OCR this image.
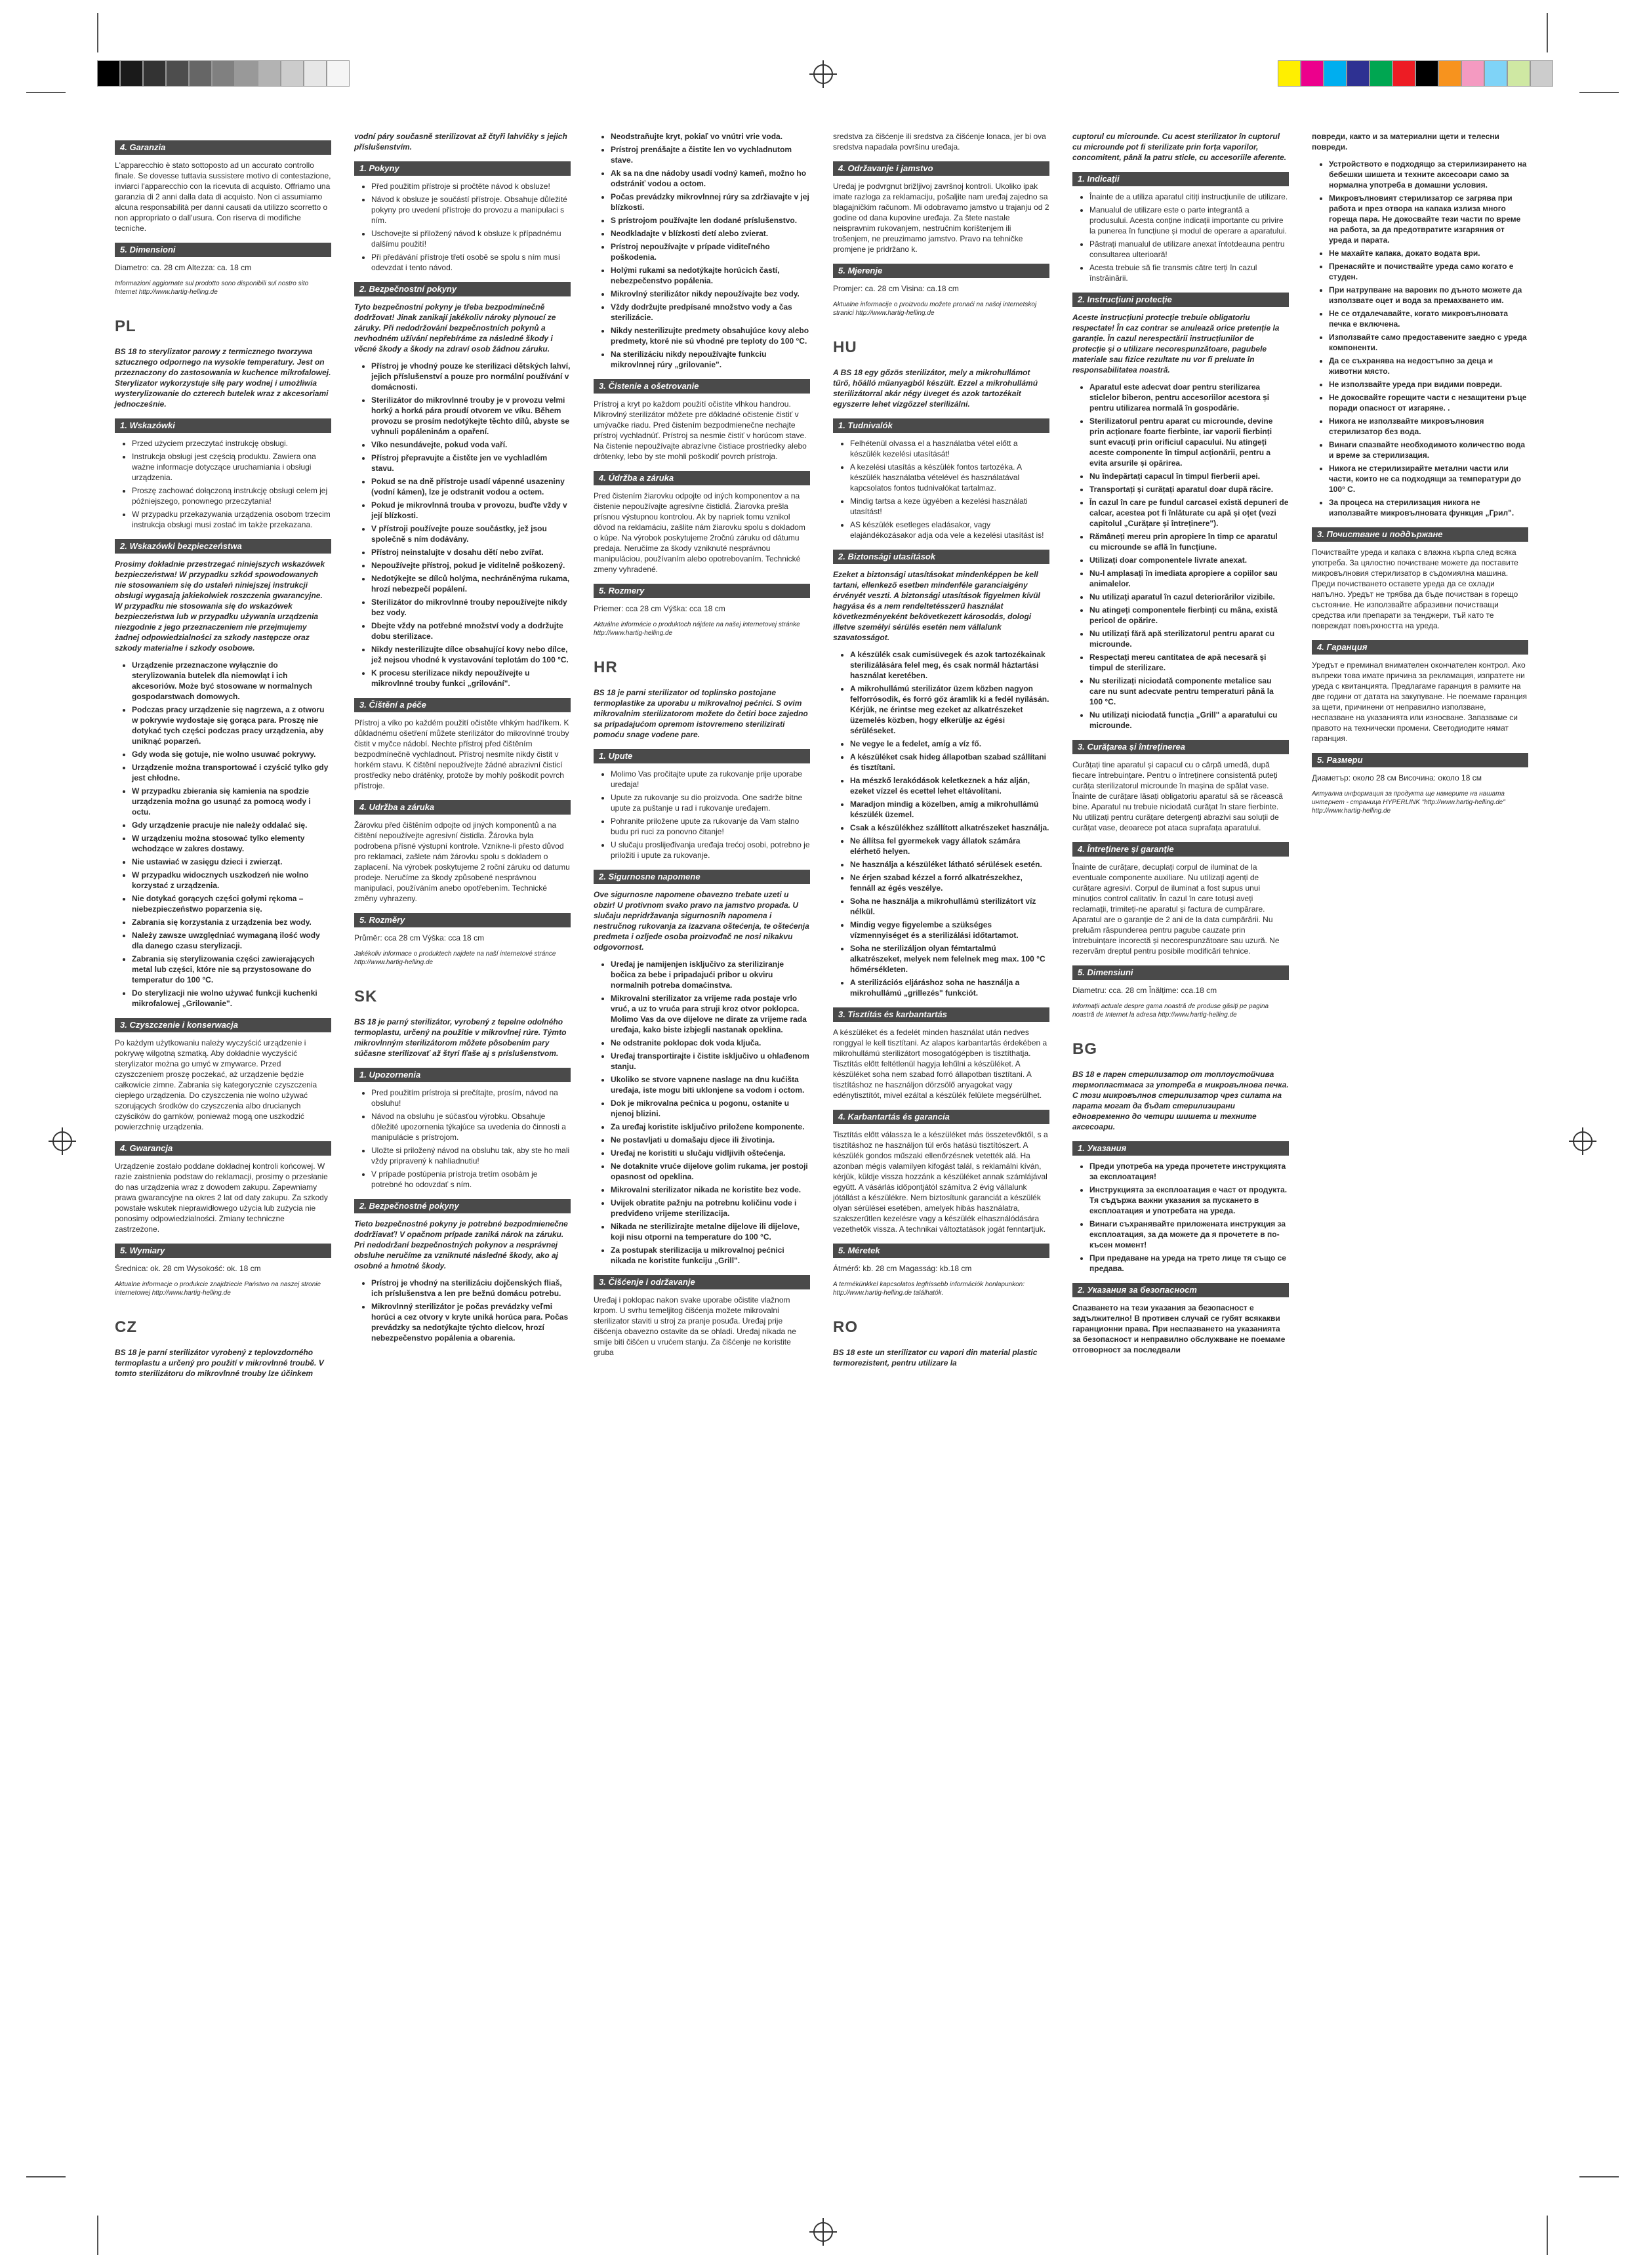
4. Garanzia
L'apparecchio è stato sottoposto ad un accurato controllo finale. Se dovesse tuttavia sussistere motivo di contestazione, inviarci l'apparecchio con la ricevuta di acquisto. Offriamo una garanzia di 2 anni dalla data di acquisto. Non ci assumiamo alcuna responsabilità per danni causati da utilizzo scorretto o non appropriato o dall'usura. Con riserva di modifiche tecniche.
5. Dimensioni
Diametro: ca. 28 cm Altezza: ca. 18 cm
Informazioni aggiornate sul prodotto sono disponibili sul nostro sito Internet http://www.hartig-helling.de
PL
BS 18 to sterylizator parowy z termicznego tworzywa sztucznego odpornego na wysokie temperatury. Jest on przeznaczony do zastosowania w kuchence mikrofalowej. Sterylizator wykorzystuje siłę pary wodnej i umożliwia wysterylizowanie do czterech butelek wraz z akcesoriami jednocześnie.
1. Wskazówki
• Przed użyciem przeczytać instrukcję obsługi.
• Instrukcja obsługi jest częścią produktu. Zawiera ona ważne informacje dotyczące uruchamiania i obsługi urządzenia.
• Proszę zachować dołączoną instrukcję obsługi celem jej późniejszego, ponownego przeczytania!
• W przypadku przekazywania urządzenia osobom trzecim instrukcja obsługi musi zostać im także przekazana.
2. Wskazówki bezpieczeństwa
Prosimy dokładnie przestrzegać niniejszych wskazówek bezpieczeństwa! W przypadku szkód spowodowanych nie stosowaniem się do ustaleń niniejszej instrukcji obsługi wygasają jakiekolwiek roszczenia gwarancyjne. W przypadku nie stosowania się do wskazówek bezpieczeństwa lub w przypadku używania urządzenia niezgodnie z jego przeznaczeniem nie przejmujemy żadnej odpowiedzialności za szkody następcze oraz szkody materialne i szkody osobowe.
• Urządzenie przeznaczone wyłącznie do sterylizowania butelek dla niemowląt i ich akcesoriów. Może być stosowane w normalnych gospodarstwach domowych.
• Podczas pracy urządzenie się nagrzewa, a z otworu w pokrywie wydostaje się gorąca para. Proszę nie dotykać tych części podczas pracy urządzenia, aby uniknąć poparzeń.
• Gdy woda się gotuje, nie wolno usuwać pokrywy.
• Urządzenie można transportować i czyścić tylko gdy jest chłodne.
• W przypadku zbierania się kamienia na spodzie urządzenia można go usunąć za pomocą wody i octu.
• Gdy urządzenie pracuje nie należy oddalać się.
• W urządzeniu można stosować tylko elementy wchodzące w zakres dostawy.
• Nie ustawiać w zasięgu dzieci i zwierząt.
• W przypadku widocznych uszkodzeń nie wolno korzystać z urządzenia.
• Nie dotykać gorących części gołymi rękoma – niebezpieczeństwo poparzenia się.
• Zabrania się korzystania z urządzenia bez wody.
• Należy zawsze uwzględniać wymaganą ilość wody dla danego czasu sterylizacji.
• Zabrania się sterylizowania części zawierających metal lub części, które nie są przystosowane do temperatur do 100 °C.
• Do sterylizacji nie wolno używać funkcji kuchenki mikrofalowej „Grilowanie".
3. Czyszczenie i konserwacja
Po każdym użytkowaniu należy wyczyścić urządzenie i pokrywę wilgotną szmatką. Aby dokładnie wyczyścić sterylizator można go umyć w zmywarce. Przed czyszczeniem proszę poczekać, aż urządzenie będzie całkowicie zimne. Zabrania się kategorycznie czyszczenia ciepłego urządzenia. Do czyszczenia nie wolno używać szorujących środków do czyszczenia albo drucianych czyścików do garnków, ponieważ mogą one uszkodzić powierzchnię urządzenia.
4. Gwarancja
Urządzenie zostało poddane dokładnej kontroli końcowej. W razie zaistnienia podstaw do reklamacji, prosimy o przesłanie do nas urządzenia wraz z dowodem zakupu. Zapewniamy prawa gwarancyjne na okres 2 lat od daty zakupu. Za szkody powstałe wskutek nieprawidłowego użycia lub zużycia nie ponosimy odpowiedzialności. Zmiany techniczne zastrzeżone.
5. Wymiary
Średnica: ok. 28 cm Wysokość: ok. 18 cm
Aktualne informacje o produkcie znajdziecie Państwo na naszej stronie internetowej http://www.hartig-helling.de
CZ
BS 18 je parní sterilizátor vyrobený z teplovzdorného termoplastu a určený pro použití v mikrovlnné troubě. V tomto sterilizátoru do mikrovlnné trouby lze účinkem
vodní páry současně sterilizovat až čtyři lahvičky s jejich příslušenstvím.
1. Pokyny
• Před použitím přístroje si pročtěte návod k obsluze!
• Návod k obsluze je součástí přístroje. Obsahuje důležité pokyny pro uvedení přístroje do provozu a manipulaci s ním.
• Uschovejte si přiložený návod k obsluze k případnému dalšímu použití!
• Při předávání přístroje třetí osobě se spolu s ním musí odevzdat i tento návod.
2. Bezpečnostní pokyny
Tyto bezpečnostní pokyny je třeba bezpodmínečně dodržovat! Jinak zanikají jakékoliv nároky plynoucí ze záruky. Při nedodržování bezpečnostních pokynů a nevhodném užívání nepřebíráme za následné škody i věcné škody a škody na zdraví osob žádnou záruku.
• Přístroj je vhodný pouze ke sterilizaci dětských lahví, jejich příslušenství a pouze pro normální používání v domácnosti.
• Sterilizátor do mikrovlnné trouby je v provozu velmi horký a horká pára proudí otvorem ve víku. Během provozu se prosím nedotýkejte těchto dílů, abyste se vyhnuli popáleninám a opaření.
• Víko nesundávejte, pokud voda vaří.
• Přístroj přepravujte a čistěte jen ve vychladlém stavu.
• Pokud se na dně přístroje usadí vápenné usazeniny (vodní kámen), lze je odstranit vodou a octem.
• Pokud je mikrovlnná trouba v provozu, buďte vždy v její blízkosti.
• V přístroji používejte pouze součástky, jež jsou společně s ním dodávány.
• Přístroj neinstalujte v dosahu dětí nebo zvířat.
• Nepoužívejte přístroj, pokud je viditelně poškozený.
• Nedotýkejte se dílců holýma, nechráněnýma rukama, hrozí nebezpečí popálení.
• Sterilizátor do mikrovlnné trouby nepoužívejte nikdy bez vody.
• Dbejte vždy na potřebné množství vody a dodržujte dobu sterilizace.
• Nikdy nesterilizujte dílce obsahující kovy nebo dílce, jež nejsou vhodné k vystavování teplotám do 100 °C.
• K procesu sterilizace nikdy nepoužívejte u mikrovlnné trouby funkci „grilování".
3. Čištění a péče
Přístroj a víko po každém použití očistěte vlhkým hadříkem. K důkladnému ošetření můžete sterilizátor do mikrovlnné trouby čistit v myčce nádobí. Nechte přístroj před čištěním bezpodmínečně vychladnout. Přístroj nesmíte nikdy čistit v horkém stavu. K čištění nepoužívejte žádné abrazivní čisticí prostředky nebo drátěnky, protože by mohly poškodit povrch přístroje.
4. Udržba a záruka
Žárovku před čištěním odpojte od jiných komponentů a na čištění nepoužívejte agresivní čistidla. Žárovka byla podrobena přísné výstupní kontrole. Vznikne-li přesto důvod pro reklamaci, zašlete nám žárovku spolu s dokladem o zaplacení. Na výrobek poskytujeme 2 roční záruku od datumu prodeje. Neručíme za škody způsobené nesprávnou manipulací, používáním anebo opotřebením. Technické změny vyhrazeny.
5. Rozměry
Průměr: cca 28 cm Výška: cca 18 cm
Jakékoliv informace o produktech najdete na naší internetové stránce http://www.hartig-helling.de
SK
BS 18 je parný sterilizátor, vyrobený z tepelne odolného termoplastu, určený na použitie v mikrovlnej rúre. Týmto mikrovlnným sterilizátorom môžete pôsobením pary súčasne sterilizovať až štyri fľaše aj s príslušenstvom.
1. Upozornenia
• Pred použitím prístroja si prečítajte, prosím, návod na obsluhu!
• Návod na obsluhu je súčasťou výrobku. Obsahuje dôležité upozornenia týkajúce sa uvedenia do činnosti a manipulácie s prístrojom.
• Uložte si priložený návod na obsluhu tak, aby ste ho mali vždy pripravený k nahliadnutiu!
• V prípade postúpenia prístroja tretím osobám je potrebné ho odovzdať s ním.
2. Bezpečnostné pokyny
Tieto bezpečnostné pokyny je potrebné bezpodmienečne dodržiavať! V opačnom prípade zaniká nárok na záruku. Pri nedodržaní bezpečnostných pokynov a nesprávnej obsluhe neručíme za vzniknuté následné škody, ako aj osobné a hmotné škody.
• Prístroj je vhodný na sterilizáciu dojčenských fliaš, ich príslušenstva a len pre bežnú domácu potrebu.
• Mikrovlnný sterilizátor je počas prevádzky veľmi horúci a cez otvory v kryte uniká horúca para. Počas prevádzky sa nedotýkajte týchto dielcov, hrozí nebezpečenstvo popálenia a obarenia.
• Neodstraňujte kryt, pokiaľ vo vnútri vrie voda.
• Prístroj prenášajte a čistite len vo vychladnutom stave.
• Ak sa na dne nádoby usadí vodný kameň, možno ho odstrániť vodou a octom.
• Počas prevádzky mikrovlnnej rúry sa zdržiavajte v jej blízkosti.
• S prístrojom používajte len dodané príslušenstvo.
• Neodkladajte v blízkosti detí alebo zvierat.
• Prístroj nepoužívajte v prípade viditeľného poškodenia.
• Holými rukami sa nedotýkajte horúcich častí, nebezpečenstvo popálenia.
• Mikrovlný sterilizátor nikdy nepoužívajte bez vody.
• Vždy dodržujte predpísané množstvo vody a čas sterilizácie.
• Nikdy nesterilizujte predmety obsahujúce kovy alebo predmety, ktoré nie sú vhodné pre teploty do 100 °C.
• Na sterilizáciu nikdy nepoužívajte funkciu mikrovlnnej rúry „grilovanie".
3. Čistenie a ošetrovanie
Prístroj a kryt po každom použití očistite vlhkou handrou. Mikrovlný sterilizátor môžete pre dôkladné očistenie čistiť v umývačke riadu. Pred čistením bezpodmienečne nechajte prístroj vychladnúť. Prístroj sa nesmie čistiť v horúcom stave. Na čistenie nepoužívajte abrazívne čistiace prostriedky alebo drôtenky, lebo by ste mohli poškodiť povrch prístroja.
4. Údržba a záruka
Pred čistením žiarovku odpojte od iných komponentov a na čistenie nepoužívajte agresívne čistidlá. Žiarovka prešla prísnou výstupnou kontrolou. Ak by napriek tomu vznikol dôvod na reklamáciu, zašlite nám žiarovku spolu s dokladom o kúpe. Na výrobok poskytujeme 2ročnú záruku od dátumu predaja. Neručíme za škody vzniknuté nesprávnou manipuláciou, používaním alebo opotrebovaním. Technické zmeny vyhradené.
5. Rozmery
Priemer: cca 28 cm Výška: cca 18 cm
Aktuálne informácie o produktoch nájdete na našej internetovej stránke http://www.hartig-helling.de
HR
BS 18 je parni sterilizator od toplinsko postojane termoplastike za uporabu u mikrovalnoj pećnici. S ovim mikrovalnim sterilizatorom možete do četiri boce zajedno sa pripadajućom opremom istovremeno sterilizirati pomoću snage vodene pare.
1. Upute
• Molimo Vas pročitajte upute za rukovanje prije uporabe uređaja!
• Upute za rukovanje su dio proizvoda. One sadrže bitne upute za puštanje u rad i rukovanje uređajem.
• Pohranite priložene upute za rukovanje da Vam stalno budu pri ruci za ponovno čitanje!
• U slučaju proslijeđivanja uređaja trećoj osobi, potrebno je priložiti i upute za rukovanje.
2. Sigurnosne napomene
Ove sigurnosne napomene obavezno trebate uzeti u obzir! U protivnom svako pravo na jamstvo propada. U slučaju nepridržavanja sigurnosnih napomena i nestručnog rukovanja za izazvana oštećenja, te oštećenja predmeta i ozljede osoba proizvođač ne nosi nikakvu odgovornost.
• Uređaj je namijenjen isključivo za steriliziranje bočica za bebe i pripadajući pribor u okviru normalnih potreba domaćinstva.
• Mikrovalni sterilizator za vrijeme rada postaje vrlo vruć, a uz to vruća para struji kroz otvor poklopca. Molimo Vas da ove dijelove ne dirate za vrijeme rada uređaja, kako biste izbjegli nastanak opeklina.
• Ne odstranite poklopac dok voda ključa.
• Uređaj transportirajte i čistite isključivo u ohlađenom stanju.
• Ukoliko se stvore vapnene naslage na dnu kućišta uređaja, iste mogu biti uklonjene sa vodom i octom.
• Dok je mikrovalna pećnica u pogonu, ostanite u njenoj blizini.
• Za uređaj koristite isključivo priložene komponente.
• Ne postavljati u domašaju djece ili životinja.
• Uređaj ne koristiti u slučaju vidljivih oštećenja.
• Ne dotaknite vruće dijelove golim rukama, jer postoji opasnost od opeklina.
• Mikrovalni sterilizator nikada ne koristite bez vode.
• Uvijek obratite pažnju na potrebnu količinu vode i predviđeno vrijeme sterilizacija.
• Nikada ne sterilizirajte metalne dijelove ili dijelove, koji nisu otporni na temperature do 100 °C.
• Za postupak sterilizacija u mikrovalnoj pećnici nikada ne koristite funkciju „Grill".
3. Čišćenje i održavanje
Uređaj i poklopac nakon svake uporabe očistite vlažnom krpom. U svrhu temeljitog čišćenja možete mikrovalni sterilizator staviti u stroj za pranje posuđa. Uređaj prije čišćenja obavezno ostavite da se ohladi. Uređaj nikada ne smije biti čišćen u vrućem stanju. Za čišćenje ne koristite gruba
sredstva za čišćenje ili sredstva za čišćenje lonaca, jer bi ova sredstva napadala površinu uređaja.
4. Održavanje i jamstvo
Uređaj je podvrgnut brižljivoj završnoj kontroli. Ukoliko ipak imate razloga za reklamaciju, pošaljite nam uređaj zajedno sa blagajničkim računom. Mi odobravamo jamstvo u trajanju od 2 godine od dana kupovine uređaja. Za štete nastale neispravnim rukovanjem, nestručnim korištenjem ili trošenjem, ne preuzimamo jamstvo. Pravo na tehničke promjene je pridržano k.
5. Mjerenje
Promjer: ca. 28 cm Visina: ca.18 cm
Aktualne informacije o proizvodu možete pronaći na našoj internetskoj stranici http://www.hartig-helling.de
HU
A BS 18 egy gőzös sterilizátor, mely a mikrohullámot tűrő, hőálló műanyagból készült. Ezzel a mikrohullámú sterilizátorral akár négy üveget és azok tartozékait egyszerre lehet vízgőzzel sterilizálni.
1. Tudnivalók
• Felhétenül olvassa el a használatba vétel előtt a készülék kezelési utasítását!
• A kezelési utasítás a készülék fontos tartozéka. A készülék használatba vételével és használatával kapcsolatos fontos tudnivalókat tartalmaz.
• Mindig tartsa a keze ügyében a kezelési használati utasítást!
• AS készülék esetleges eladásakor, vagy elajándékozásakor adja oda vele a kezelési utasítást is!
2. Biztonsági utasítások
Ezeket a biztonsági utasításokat mindenképpen be kell tartani, ellenkező esetben mindenféle garanciaigény érvényét veszti. A biztonsági utasítások figyelmen kívül hagyása és a nem rendeltetésszerű használat következményeként bekövetkezett károsodás, dologi illetve személyi sérülés esetén nem vállalunk szavatosságot.
• A készülék csak cumisüvegek és azok tartozékainak sterilizálására felel meg, és csak normál háztartási használat keretében.
• A mikrohullámú sterilizátor üzem közben nagyon felforrósodik, és forró gőz áramlik ki a fedél nyílásán. Kérjük, ne érintse meg ezeket az alkatrészeket üzemelés közben, hogy elkerülje az égési sérüléseket.
• Ne vegye le a fedelet, amíg a víz fő.
• A készüléket csak hideg állapotban szabad szállítani és tisztítani.
• Ha mészkő lerakódások keletkeznek a ház alján, ezeket vízzel és ecettel lehet eltávolítani.
• Maradjon mindig a közelben, amíg a mikrohullámú készülék üzemel.
• Csak a készülékhez szállított alkatrészeket használja.
• Ne állítsa fel gyermekek vagy állatok számára elérhető helyen.
• Ne használja a készüléket látható sérülések esetén.
• Ne érjen szabad kézzel a forró alkatrészekhez, fennáll az égés veszélye.
• Soha ne használja a mikrohullámú sterilizátort víz nélkül.
• Mindig vegye figyelembe a szükséges vízmennyiséget és a sterilizálási időtartamot.
• Soha ne sterilizáljon olyan fémtartalmú alkatrészeket, melyek nem felelnek meg max. 100 °C hőmérsékleten.
• A sterilizációs eljáráshoz soha ne használja a mikrohullámú „grillezés" funkciót.
3. Tisztítás és karbantartás
A készüléket és a fedelét minden használat után nedves ronggyal le kell tisztítani. Az alapos karbantartás érdekében a mikrohullámú sterilizátort mosogatógépben is tisztíthatja. Tisztítás előtt feltétlenül hagyja lehűlni a készüléket. A készüléket soha nem szabad forró állapotban tisztítani. A tisztításhoz ne használjon dörzsölő anyagokat vagy edénytisztítót, mivel ezáltal a készülék felülete megsérülhet.
4. Karbantartás és garancia
Tisztítás előtt válassza le a készüléket más összetevőktől, s a tisztításhoz ne használjon túl erős hatású tisztítószert. A készülék gondos műszaki ellenőrzésnek vetették alá. Ha azonban mégis valamilyen kifogást talál, s reklamálni kíván, kérjük, küldje vissza hozzánk a készüléket annak számlájával együtt. A vásárlás időpontjától számítva 2 évig vállalunk jótállást a készülékre. Nem biztosítunk garanciát a készülék olyan sérülései esetében, amelyek hibás használatra, szakszerűtlen kezelésre vagy a készülék elhasználódására vezethetők vissza. A technikai változtatások jogát fenntartjuk.
5. Méretek
Átmérő: kb. 28 cm Magasság: kb.18 cm
A termékünkkel kapcsolatos legfrissebb információk honlapunkon: http://www.hartig-helling.de találhatók.
RO
BS 18 este un sterilizator cu vapori din material plastic termorezistent, pentru utilizare la
cuptorul cu microunde. Cu acest sterilizator în cuptorul cu microunde pot fi sterilizate prin forța vaporilor, concomitent, până la patru sticle, cu accesoriile aferente.
1. Indicații
• Înainte de a utiliza aparatul citiți instrucțiunile de utilizare.
• Manualul de utilizare este o parte integrantă a produsului. Acesta conține indicații importante cu privire la punerea în funcțiune și modul de operare a aparatului.
• Păstrați manualul de utilizare anexat întotdeauna pentru consultarea ulterioară!
• Acesta trebuie să fie transmis către terți în cazul înstrăinării.
2. Instrucțiuni protecție
Aceste instrucțiuni protecție trebuie obligatoriu respectate! În caz contrar se anulează orice pretenție la garanție. În cazul nerespectării instrucțiunilor de protecție și o utilizare necorespunzătoare, pagubele materiale sau fizice rezultate nu vor fi preluate în responsabilitatea noastră.
• Aparatul este adecvat doar pentru sterilizarea sticlelor biberon, pentru accesoriilor acestora și pentru utilizarea normală în gospodărie.
• Sterilizatorul pentru aparat cu microunde, devine prin acționare foarte fierbinte, iar vaporii fierbinți sunt evacuți prin orificiul capacului. Nu atingeți aceste componente în timpul acționării, pentru a evita arsurile și opărirea.
• Nu îndepărtați capacul în timpul fierberii apei.
• Transportați și curățați aparatul doar după răcire.
• În cazul în care pe fundul carcasei există depuneri de calcar, acestea pot fi înlăturate cu apă și oțet (vezi capitolul „Curățare și întreținere").
• Rămâneți mereu prin apropiere în timp ce aparatul cu microunde se află în funcțiune.
• Utilizați doar componentele livrate anexat.
• Nu-l amplasați în imediata apropiere a copiilor sau animalelor.
• Nu utilizați aparatul în cazul deteriorărilor vizibile.
• Nu atingeți componentele fierbinți cu mâna, există pericol de opărire.
• Nu utilizați fără apă sterilizatorul pentru aparat cu microunde.
• Respectați mereu cantitatea de apă necesară și timpul de sterilizare.
• Nu sterilizați niciodată componente metalice sau care nu sunt adecvate pentru temperaturi până la 100 °C.
• Nu utilizați niciodată funcția „Grill" a aparatului cu microunde.
3. Curățarea și întreținerea
Curățați tine aparatul și capacul cu o cârpă umedă, după fiecare întrebuințare. Pentru o întreținere consistentă puteți curăța sterilizatorul microunde în mașina de spălat vase. Înainte de curățare lăsați obligatoriu aparatul să se răcească bine. Aparatul nu trebuie niciodată curățat în stare fierbinte. Nu utilizați pentru curățare detergenți abrazivi sau soluții de curățat vase, deoarece pot ataca suprafața aparatului.
4. Întreținere și garanție
Înainte de curățare, decuplați corpul de iluminat de la eventuale componente auxiliare. Nu utilizați agenți de curățare agresivi. Corpul de iluminat a fost supus unui minuțios control calitativ. În cazul în care totuși aveți reclamații, trimiteți-ne aparatul și factura de cumpărare. Aparatul are o garanție de 2 ani de la data cumpărării. Nu preluăm răspunderea pentru pagube cauzate prin întrebuințare incorectă și necorespunzătoare sau uzură. Ne rezervăm dreptul pentru posibile modificări tehnice.
5. Dimensiuni
Diametru: cca. 28 cm Înălțime: cca.18 cm
Informații actuale despre gama noastră de produse găsiți pe pagina noastră de Internet la adresa http://www.hartig-helling.de
BG
BS 18 е парен стерилизатор от топлоустойчива термопластмаса за употреба в микровълнова печка. С този микровълнов стерилизатор чрез силата на парата могат да бъдат стерилизирани едновременно до четири шишета и техните аксесоари.
1. Указания
• Преди употреба на уреда прочетете инструкцията за експлоатация!
• Инструкцията за експлоатация е част от продукта. Тя съдържа важни указания за пускането в експлоатация и употребата на уреда.
• Винаги съхранявайте приложената инструкция за експлоатация, за да можете да я прочетете в по-късен момент!
• При предаване на уреда на трето лице тя също се предава.
2. Указания за безопасност
Спазването на тези указания за безопасност е задължително! В противен случай се губят всякакви гаранционни права. При неспазването на указанията за безопасност и неправилно обслужване не поемаме отговорност за последвали
повреди, както и за материални щети и телесни повреди.
• Устройството е подходящо за стерилизирането на бебешки шишета и техните аксесоари само за нормална употреба в домашни условия.
• Микровълновият стерилизатор се загрява при работа и през отвора на капака излиза много гореща пара. Не докосвайте тези части по време на работа, за да предотвратите изгаряния от уреда и парата.
• Не махайте капака, докато водата ври.
• Пренасяйте и почиствайте уреда само когато е студен.
• При натрупване на варовик по дъното можете да използвате оцет и вода за премахването им.
• Не се отдалечавайте, когато микровълновата печка е включена.
• Използвайте само предоставените заедно с уреда компоненти.
• Да се съхранява на недостъпно за деца и животни място.
• Не използвайте уреда при видими повреди.
• Не докосвайте горещите части с незащитени ръце поради опасност от изгаряне. .
• Никога не използвайте микровълновия стерилизатор без вода.
• Винаги спазвайте необходимото количество вода и време за стерилизация.
• Никога не стерилизирайте метални части или части, които не са подходящи за температури до 100° С.
• За процеса на стерилизация никога не използвайте микровълновата функция „Грил".
3. Почистване и поддържане
Почиствайте уреда и капака с влажна кърпа след всяка употреба. За цялостно почистване можете да поставите микровълновия стерилизатор в съдомиялна машина. Преди почистването оставете уреда да се охлади напълно. Уредът не трябва да бъде почистван в горещо състояние. Не използвайте абразивни почистващи средства или препарати за тенджери, тъй като те повреждат повърхността на уреда.
4. Гаранция
Уредът е преминал внимателен окончателен контрол. Ако въпреки това имате причина за рекламация, изпратете ни уреда с квитанцията. Предлагаме гаранция в рамките на две години от датата на закупуване. Не поемаме гаранция за щети, причинени от неправилно използване, неспазване на указанията или износване. Запазваме си правото на технически промени. Светодиодите нямат гаранция.
5. Размери
Диаметър: около 28 см Височина: около 18 см
Актуална информация за продукта ще намерите на нашата интернет - страница HYPERLINK "http://www.hartig-helling.de" http://www.hartig-helling.de
